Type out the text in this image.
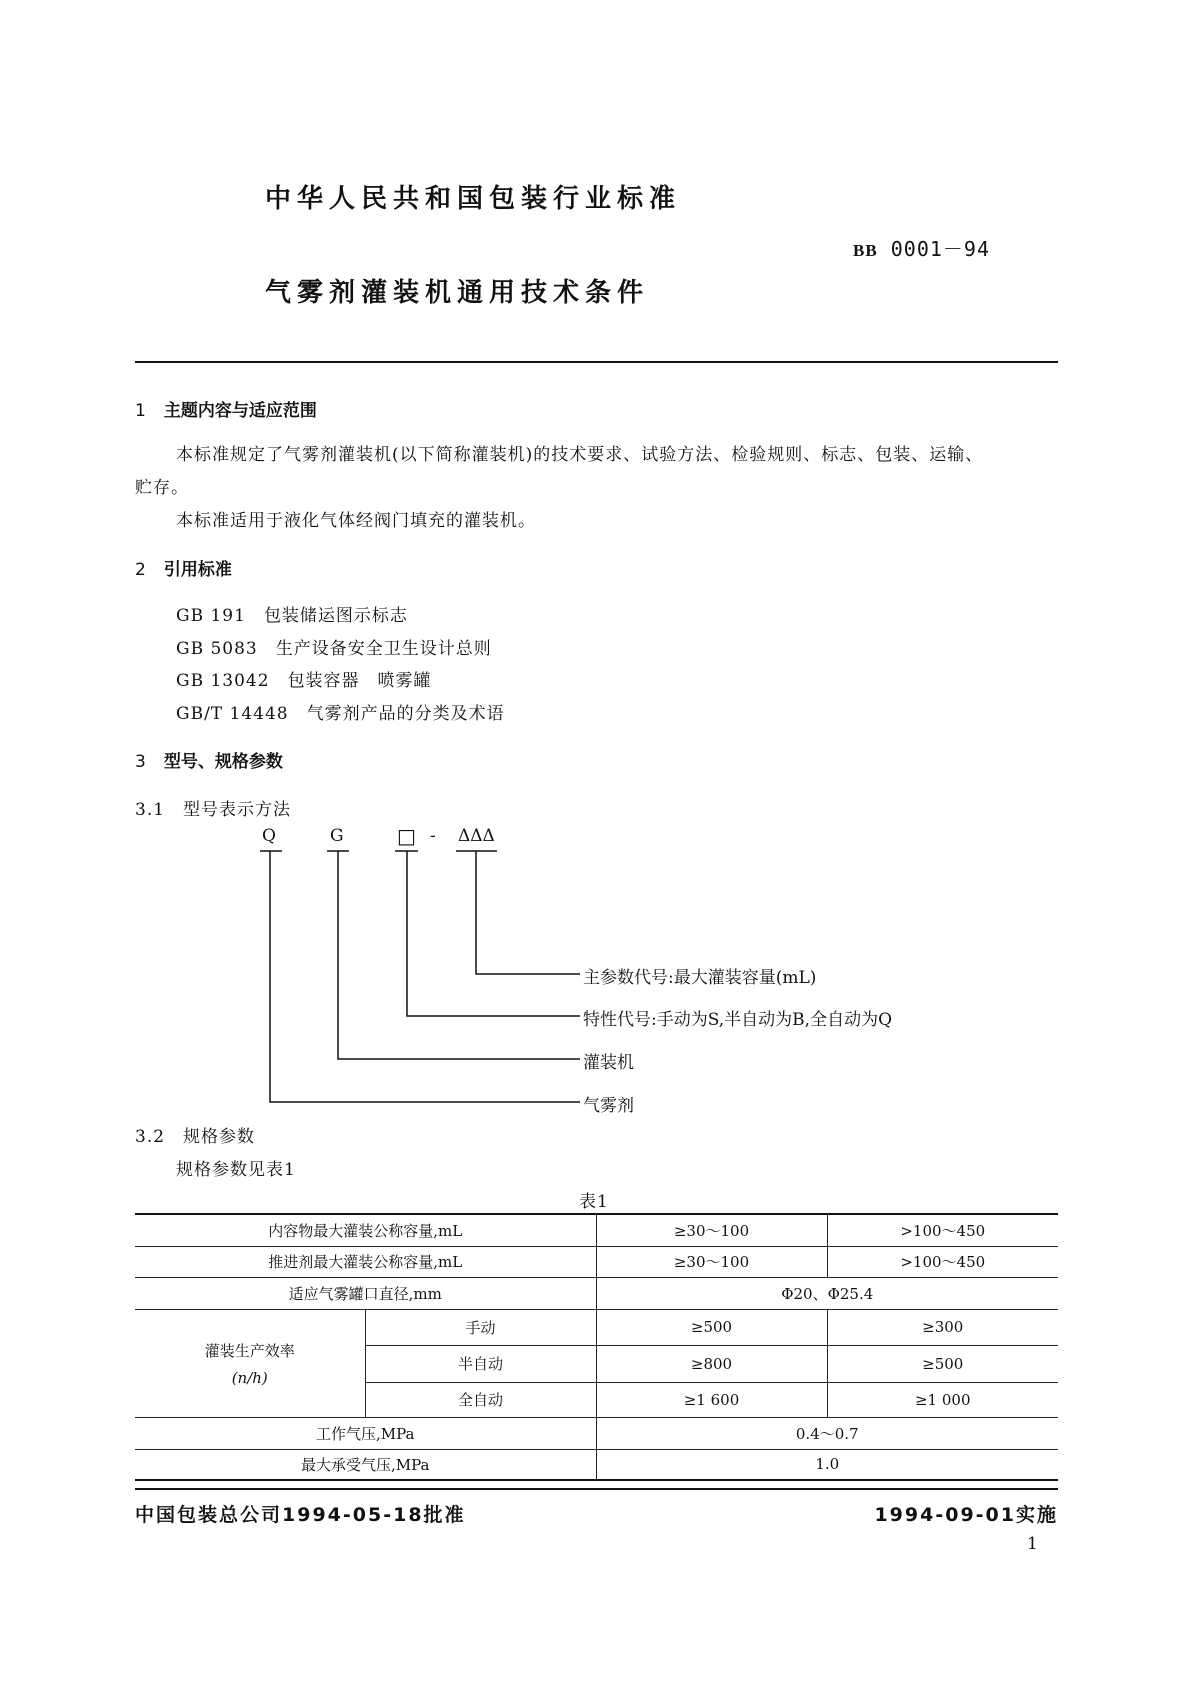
中华人民共和国包装行业标准
BB 0001－94
气雾剂灌装机通用技术条件
1 主题内容与适应范围
本标准规定了气雾剂灌装机(以下简称灌装机)的技术要求、试验方法、检验规则、标志、包装、运输、
贮存。
本标准适用于液化气体经阀门填充的灌装机。
2 引用标准
GB 191　 包装储运图示标志
GB 5083　 生产设备安全卫生设计总则
GB 13042　 包装容器　喷雾罐
GB/T 14448　 气雾剂产品的分类及术语
3 型号、规格参数
3.1　 型号表示方法
Q	G	□ - ΔΔΔ
主参数代号:最大灌装容量(mL)
特性代号:手动为S,半自动为B,全自动为Q
灌装机
气雾剂
3.2　 规格参数
规格参数见表1
表1
内容物最大灌装公称容量,mL		≥30～100	>100～450
推进剂最大灌装公称容量,mL		≥30～100	>100～450
适应气雾罐口直径,mm		Φ20、Φ25.4	

灌装生产效率
(n/h)	手动	≥500	≥300
	半自动	≥800	≥500
	全自动	≥1 600	≥1 000
工作气压,MPa		0.4～0.7	
最大承受气压,MPa		1.0	
中国包装总公司1994-05-18批准	1994-09-01实施
1
